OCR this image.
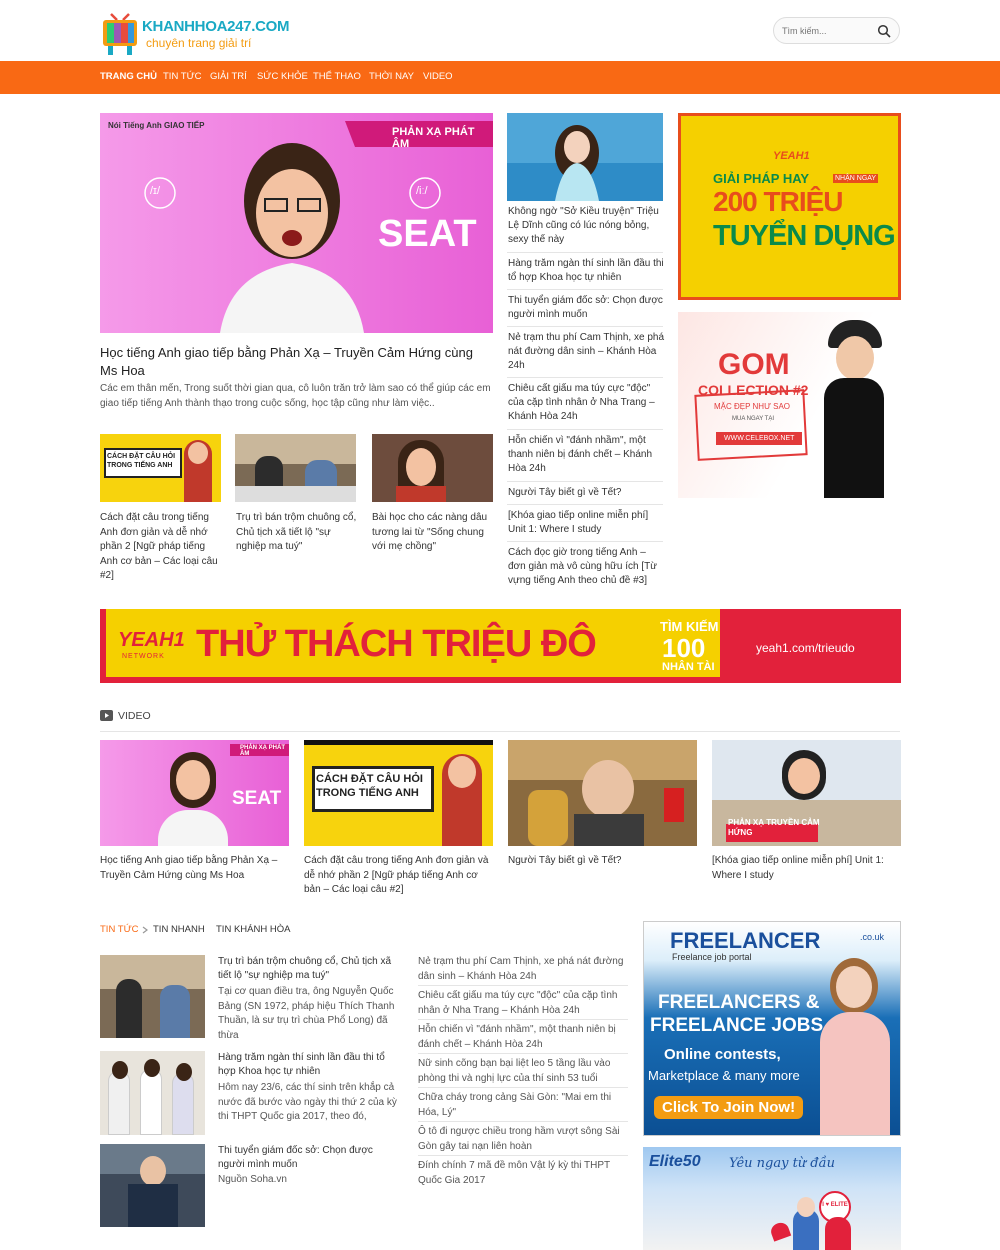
KHANHHOA247.COM
chuyên trang giải trí
Tìm kiếm...
TRANG CHỦ TIN TỨC GIẢI TRÍ SỨC KHỎE THỂ THAO THỜI NAY VIDEO
Nói Tiếng Anh GIAO TIẾP
PHẢN XẠ PHÁT ÂM
/ɪ/	/iː/
SEAT
Học tiếng Anh giao tiếp bằng Phản Xạ – Truyền Cảm Hứng cùng Ms Hoa
Các em thân mến, Trong suốt thời gian qua, cô luôn trăn trở làm sao có thể giúp các em giao tiếp tiếng Anh thành thạo trong cuộc sống, học tập cũng như làm việc..
CÁCH ĐẶT CÂU HỎI TRONG TIẾNG ANH
Cách đặt câu trong tiếng Anh đơn giản và dễ nhớ phần 2 [Ngữ pháp tiếng Anh cơ bản – Các loại câu #2]
Trụ trì bán trộm chuông cổ, Chủ tịch xã tiết lộ "sự nghiệp ma tuý"
Bài học cho các nàng dâu tương lai từ "Sống chung với mẹ chồng"
Không ngờ "Sở Kiều truyện" Triệu Lệ Dĩnh cũng có lúc nóng bỏng, sexy thế này
Hàng trăm ngàn thí sinh lần đầu thi tổ hợp Khoa học tự nhiên
Thi tuyển giám đốc sở: Chọn được người mình muốn
Nẻ trạm thu phí Cam Thịnh, xe phá nát đường dân sinh – Khánh Hòa 24h
Chiêu cất giấu ma túy cực "độc" của cặp tình nhân ở Nha Trang – Khánh Hòa 24h
Hỗn chiến vì "đánh nhầm", một thanh niên bị đánh chết – Khánh Hòa 24h
Người Tây biết gì về Tết?
[Khóa giao tiếp online miễn phí] Unit 1: Where I study
Cách đọc giờ trong tiếng Anh – đơn giản mà vô cùng hữu ích [Từ vựng tiếng Anh theo chủ đề #3]
YEAH1
GIẢI PHÁP HAY	NHẬN NGAY
200 TRIỆU
TUYỂN DỤNG
GOM
COLLECTION #2
MẶC ĐẸP NHƯ SAO
MUA NGAY TẠI
WWW.CELEBOX.NET
YEAH1
NETWORK THỬ THÁCH TRIỆU ĐÔ	TÌM KIẾM
100
NHÂN TÀI
yeah1.com/trieudo
VIDEO
PHẢN XẠ PHÁT ÂM
SEAT
Học tiếng Anh giao tiếp bằng Phản Xạ – Truyền Cảm Hứng cùng Ms Hoa
CÁCH ĐẶT CÂU HỎI TRONG TIẾNG ANH
Cách đặt câu trong tiếng Anh đơn giản và dễ nhớ phần 2 [Ngữ pháp tiếng Anh cơ bản – Các loại câu #2]
Người Tây biết gì về Tết?
PHẢN XẠ TRUYỀN CẢM HỨNG
[Khóa giao tiếp online miễn phí] Unit 1: Where I study
TIN TỨC TIN NHANH TIN KHÁNH HÒA
Trụ trì bán trộm chuông cổ, Chủ tịch xã tiết lộ "sự nghiệp ma tuý"
Tại cơ quan điều tra, ông Nguyễn Quốc Bảng (SN 1972, pháp hiệu Thích Thanh Thuần, là sư trụ trì chùa Phổ Long) đã thừa
Hàng trăm ngàn thí sinh lần đầu thi tổ hợp Khoa học tự nhiên
Hôm nay 23/6, các thí sinh trên khắp cả nước đã bước vào ngày thi thứ 2 của kỳ thi THPT Quốc gia 2017, theo đó,
Thi tuyển giám đốc sở: Chọn được người mình muốn
Nguồn Soha.vn
Nẻ trạm thu phí Cam Thịnh, xe phá nát đường dân sinh – Khánh Hòa 24h
Chiêu cất giấu ma túy cực "độc" của cặp tình nhân ở Nha Trang – Khánh Hòa 24h
Hỗn chiến vì "đánh nhầm", một thanh niên bị đánh chết – Khánh Hòa 24h
Nữ sinh cõng bạn bại liệt leo 5 tầng lầu vào phòng thi và nghị lực của thí sinh 53 tuổi
Chữa cháy trong cảng Sài Gòn: "Mai em thi Hóa, Lý"
Ô tô đi ngược chiều trong hầm vượt sông Sài Gòn gây tai nạn liên hoàn
Đính chính 7 mã đề môn Vật lý kỳ thi THPT Quốc Gia 2017
FREELANCER	.co.uk
Freelance job portal
FREELANCERS &
FREELANCE JOBS
Online contests,
Marketplace & many more
Click To Join Now!
Elite50 Yêu ngay từ đầu
I ♥ ELITE
